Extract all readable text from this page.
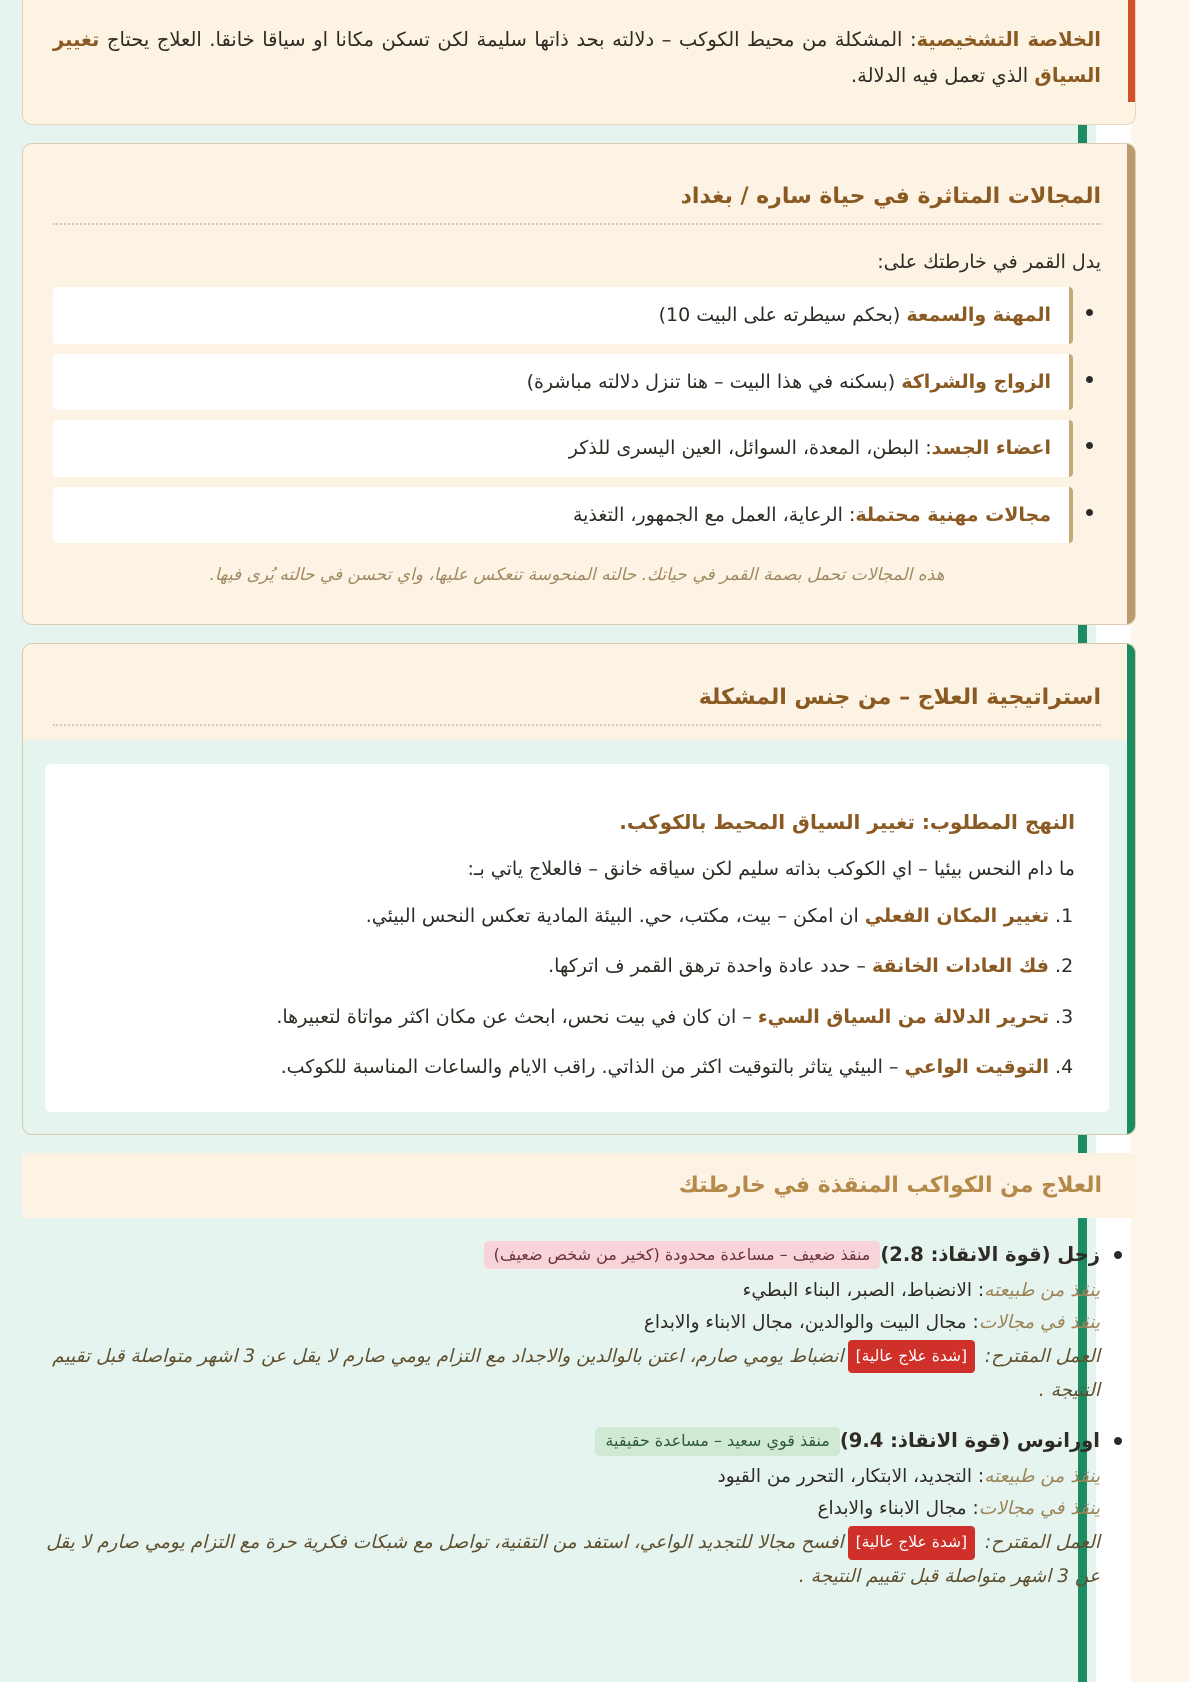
الخلاصة التشخيصية: المشكلة من محيط الكوكب – دلالته بحد ذاتها سليمة لكن تسكن مكانا او سياقا خانقا. العلاج يحتاج تغيير السياق الذي تعمل فيه الدلالة.
المجالات المتاثرة في حياة ساره / بغداد

يدل القمر في خارطتك على:

المهنة والسمعة (بحكم سيطرته على البيت 10)
الزواج والشراكة (بسكنه في هذا البيت – هنا تنزل دلالته مباشرة)
اعضاء الجسد: البطن، المعدة، السوائل، العين اليسرى للذكر
مجالات مهنية محتملة: الرعاية، العمل مع الجمهور، التغذية

هذه المجالات تحمل بصمة القمر في حياتك. حالته المنحوسة تنعكس عليها، واي تحسن في حالته يُرى فيها.

استراتيجية العلاج – من جنس المشكلة

النهج المطلوب: تغيير السياق المحيط بالكوكب.

ما دام النحس بيئيا – اي الكوكب بذاته سليم لكن سياقه خانق – فالعلاج ياتي بـ:

1. تغيير المكان الفعلي ان امكن – بيت، مكتب، حي. البيئة المادية تعكس النحس البيئي.
2. فك العادات الخانقة – حدد عادة واحدة ترهق القمر ف اتركها.
3. تحرير الدلالة من السياق السيء – ان كان في بيت نحس، ابحث عن مكان اكثر مواتاة لتعبيرها.
4. التوقيت الواعي – البيئي يتاثر بالتوقيت اكثر من الذاتي. راقب الايام والساعات المناسبة للكوكب.
العلاج من الكواكب المنقذة في خارطتك
زحل (قوة الانقاذ: 2.8)منقذ ضعيف – مساعدة محدودة (كخير من شخص ضعيف)
ينقذ من طبيعته: الانضباط، الصبر، البناء البطيء
ينقذ في مجالات: مجال البيت والوالدين، مجال الابناء والابداع
العمل المقترح: [شدة علاج عالية]انضباط يومي صارم، اعتن بالوالدين والاجداد مع التزام يومي صارم لا يقل عن 3 اشهر متواصلة قبل تقييم النتيجة .
اورانوس (قوة الانقاذ: 9.4)منقذ قوي سعيد – مساعدة حقيقية
ينقذ من طبيعته: التجديد، الابتكار، التحرر من القيود
ينقذ في مجالات: مجال الابناء والابداع
العمل المقترح: [شدة علاج عالية]افسح مجالا للتجديد الواعي، استفد من التقنية، تواصل مع شبكات فكرية حرة مع التزام يومي صارم لا يقل عن 3 اشهر متواصلة قبل تقييم النتيجة .
